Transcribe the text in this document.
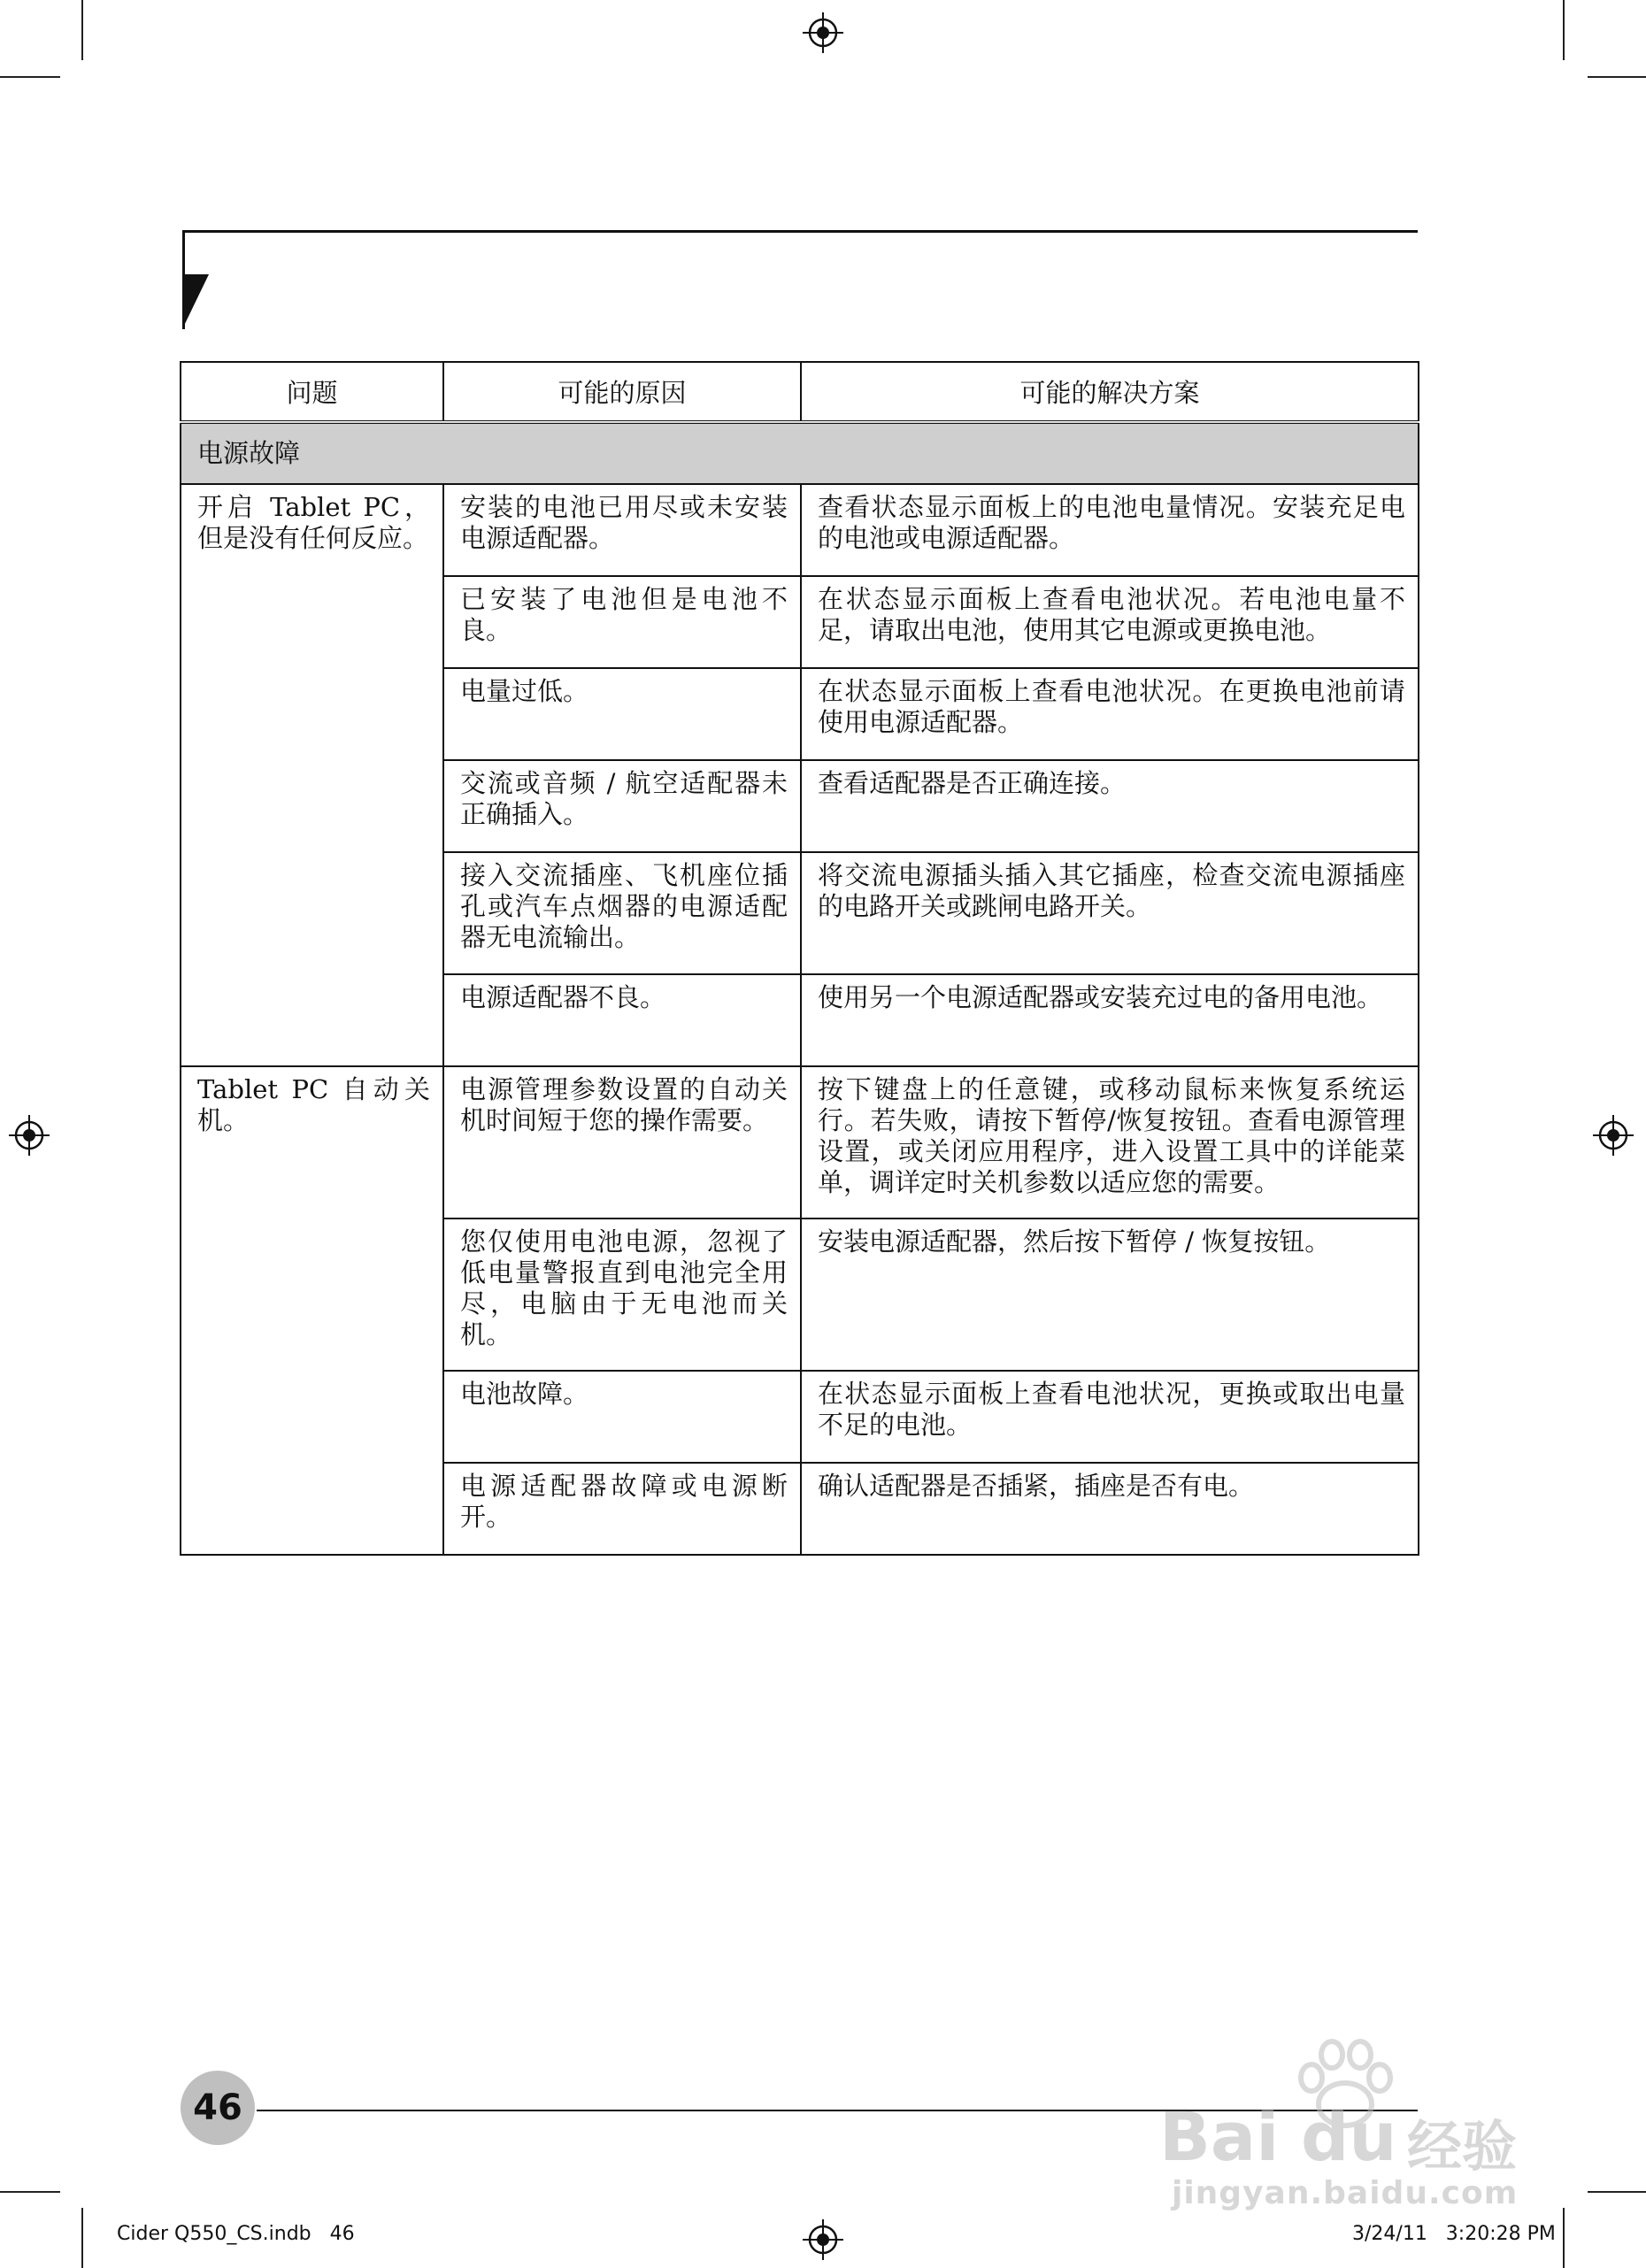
问题	可能的原因	可能的解决方案
电源故障		
开启 Tablet PC，但是没有任何反应。	安装的电池已用尽或未安装电源适配器。	查看状态显示面板上的电池电量情况。安装充足电的电池或电源适配器。
	已安装了电池但是电池不良。	在状态显示面板上查看电池状况。若电池电量不足，请取出电池，使用其它电源或更换电池。
	电量过低。	在状态显示面板上查看电池状况。在更换电池前请使用电源适配器。
	交流或音频 / 航空适配器未正确插入。	查看适配器是否正确连接。
	接入交流插座、飞机座位插孔或汽车点烟器的电源适配器无电流输出。	将交流电源插头插入其它插座，检查交流电源插座的电路开关或跳闸电路开关。
	电源适配器不良。	使用另一个电源适配器或安装充过电的备用电池。
Tablet PC 自动关机。	电源管理参数设置的自动关机时间短于您的操作需要。	按下键盘上的任意键，或移动鼠标来恢复系统运行。若失败，请按下暂停/恢复按钮。查看电源管理设置，或关闭应用程序，进入设置工具中的详能菜单，调详定时关机参数以适应您的需要。
	您仅使用电池电源，忽视了低电量警报直到电池完全用尽，电脑由于无电池而关机。	安装电源适配器，然后按下暂停 / 恢复按钮。
	电池故障。	在状态显示面板上查看电池状况，更换或取出电量不足的电池。
	电源适配器故障或电源断开。	确认适配器是否插紧，插座是否有电。
46
Cider Q550_CS.indb   46	3/24/11   3:20:28 PM
Bai du 经验
jingyan.baidu.com
